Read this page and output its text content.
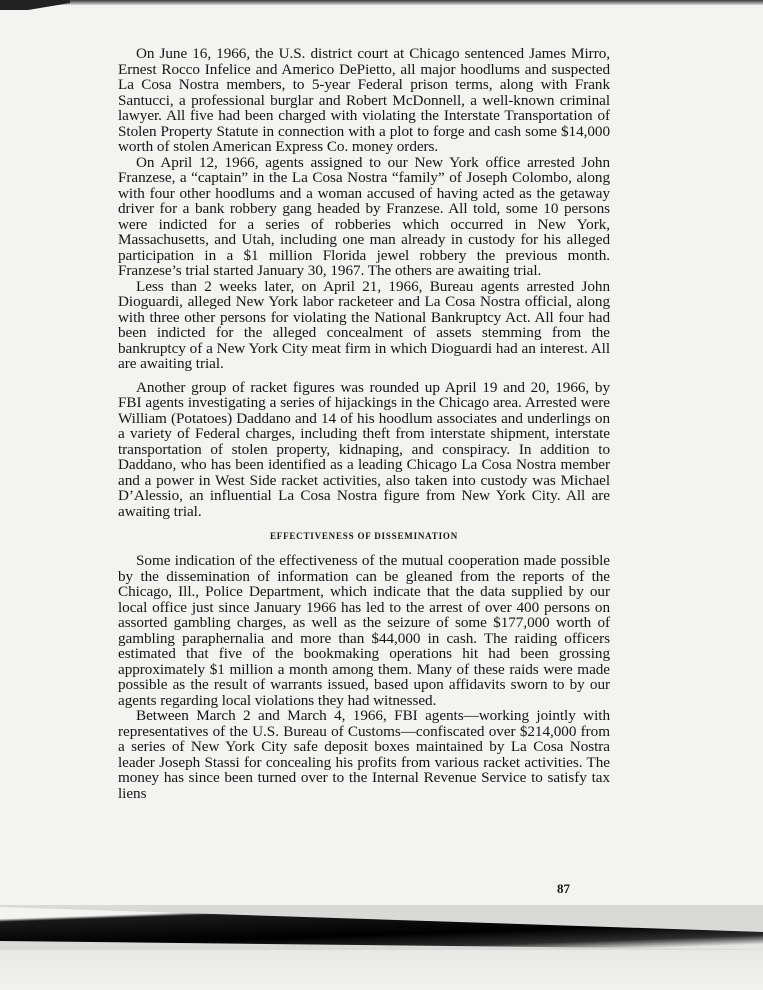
On June 16, 1966, the U.S. district court at Chicago sentenced James Mirro, Ernest Rocco Infelice and Americo DePietto, all major hoodlums and suspected La Cosa Nostra members, to 5-year Federal prison terms, along with Frank Santucci, a professional burglar and Robert McDonnell, a well-known criminal lawyer. All five had been charged with violating the Interstate Transportation of Stolen Property Statute in connection with a plot to forge and cash some $14,000 worth of stolen American Express Co. money orders.

On April 12, 1966, agents assigned to our New York office arrested John Franzese, a “captain” in the La Cosa Nostra “family” of Joseph Colombo, along with four other hoodlums and a woman accused of having acted as the getaway driver for a bank robbery gang headed by Franzese. All told, some 10 persons were indicted for a series of robberies which occurred in New York, Massachusetts, and Utah, including one man already in custody for his alleged participation in a $1 million Florida jewel robbery the previous month. Franzese’s trial started January 30, 1967. The others are awaiting trial.

Less than 2 weeks later, on April 21, 1966, Bureau agents arrested John Dioguardi, alleged New York labor racketeer and La Cosa Nostra official, along with three other persons for violating the National Bankruptcy Act. All four had been indicted for the alleged concealment of assets stemming from the bankruptcy of a New York City meat firm in which Dioguardi had an interest. All are awaiting trial.

Another group of racket figures was rounded up April 19 and 20, 1966, by FBI agents investigating a series of hijackings in the Chicago area. Arrested were William (Potatoes) Daddano and 14 of his hoodlum associates and underlings on a variety of Federal charges, including theft from interstate shipment, interstate transportation of stolen property, kidnaping, and conspiracy. In addition to Daddano, who has been identified as a leading Chicago La Cosa Nostra member and a power in West Side racket activities, also taken into custody was Michael D’Alessio, an influential La Cosa Nostra figure from New York City. All are awaiting trial.

EFFECTIVENESS OF DISSEMINATION

Some indication of the effectiveness of the mutual cooperation made possible by the dissemination of information can be gleaned from the reports of the Chicago, Ill., Police Department, which indicate that the data supplied by our local office just since January 1966 has led to the arrest of over 400 persons on assorted gambling charges, as well as the seizure of some $177,000 worth of gambling paraphernalia and more than $44,000 in cash. The raiding officers estimated that five of the bookmaking operations hit had been grossing approximately $1 million a month among them. Many of these raids were made possible as the result of warrants issued, based upon affidavits sworn to by our agents regarding local violations they had witnessed.

Between March 2 and March 4, 1966, FBI agents—working jointly with representatives of the U.S. Bureau of Customs—confiscated over $214,000 from a series of New York City safe deposit boxes maintained by La Cosa Nostra leader Joseph Stassi for concealing his profits from various racket activities. The money has since been turned over to the Internal Revenue Service to satisfy tax liens

87
